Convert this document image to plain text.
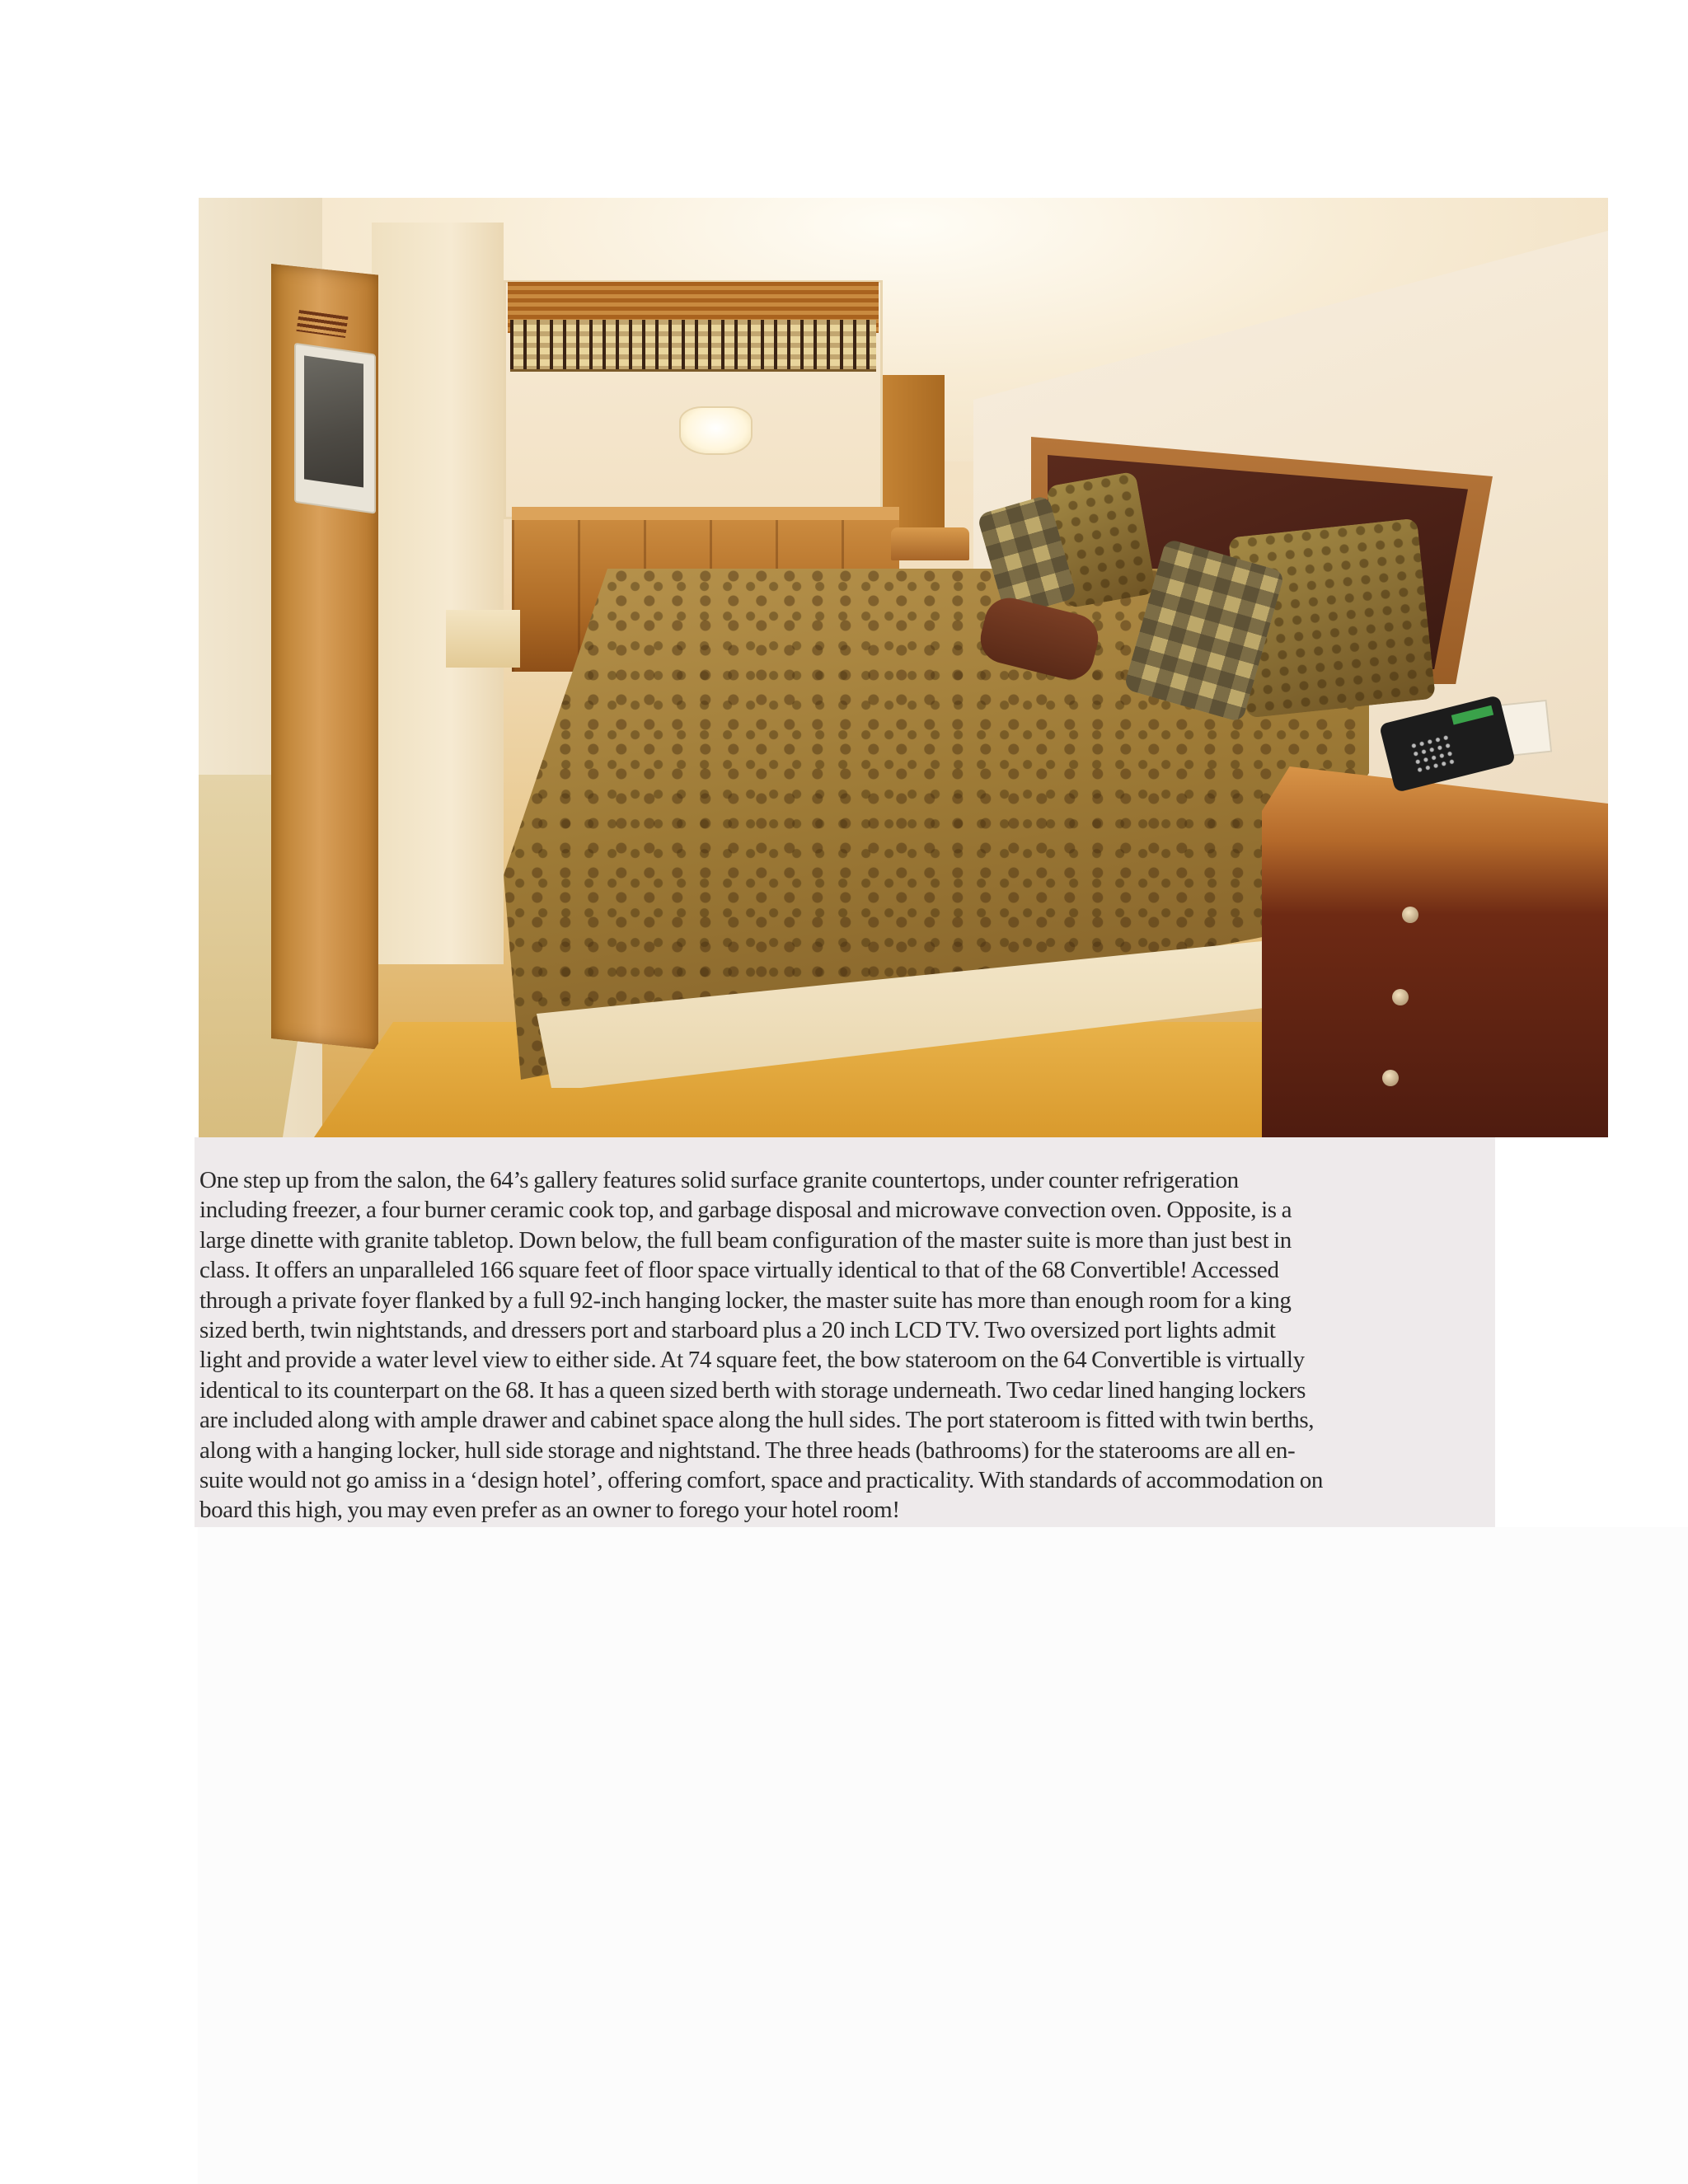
One step up from the salon, the 64’s gallery features solid surface granite countertops, under counter refrigeration
including freezer, a four burner ceramic cook top, and garbage disposal and microwave convection oven. Opposite, is a
large dinette with granite tabletop. Down below, the full beam configuration of the master suite is more than just best in
class. It offers an unparalleled 166 square feet of floor space virtually identical to that of the 68 Convertible! Accessed
through a private foyer flanked by a full 92-inch hanging locker, the master suite has more than enough room for a king
sized berth, twin nightstands, and dressers port and starboard plus a 20 inch LCD TV. Two oversized port lights admit
light and provide a water level view to either side. At 74 square feet, the bow stateroom on the 64 Convertible is virtually
identical to its counterpart on the 68. It has a queen sized berth with storage underneath. Two cedar lined hanging lockers
are included along with ample drawer and cabinet space along the hull sides. The port stateroom is fitted with twin berths,
along with a hanging locker, hull side storage and nightstand. The three heads (bathrooms) for the staterooms are all en-
suite would not go amiss in a ‘design hotel’, offering comfort, space and practicality. With standards of accommodation on
board this high, you may even prefer as an owner to forego your hotel room!
